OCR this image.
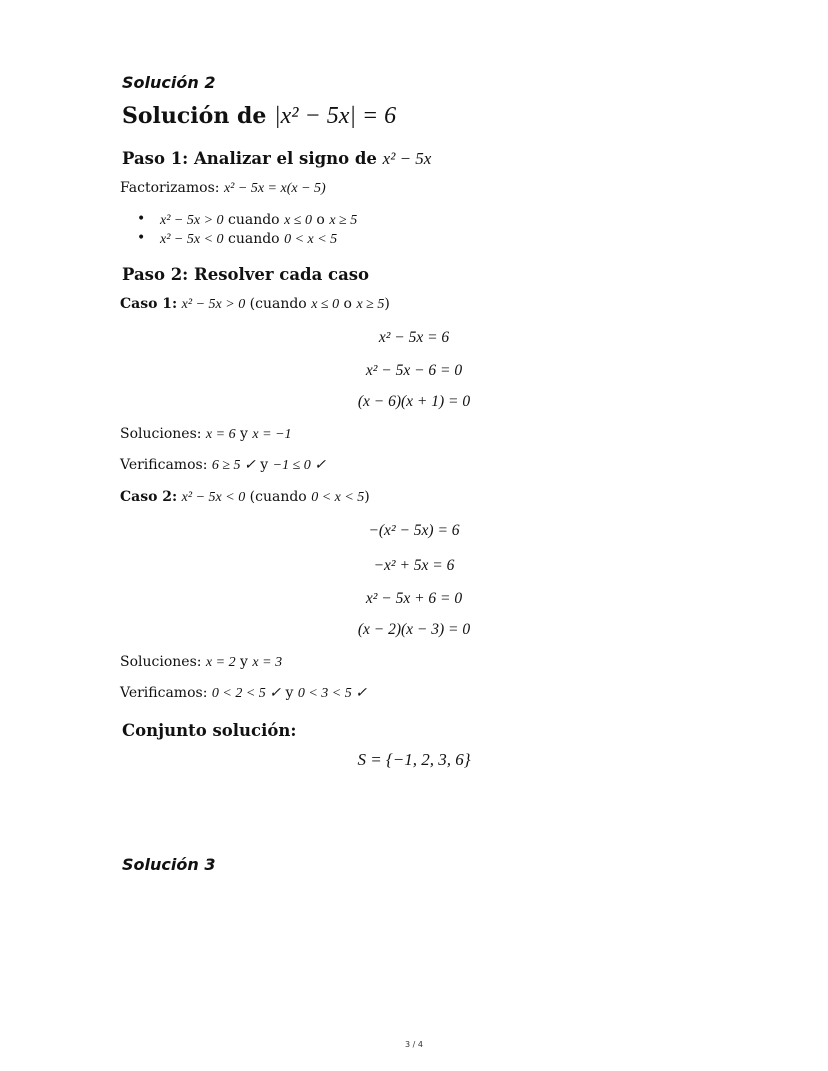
Solución 2
Solución de |x² − 5x| = 6
Paso 1: Analizar el signo de x² − 5x
Factorizamos: x² − 5x = x(x − 5)
• x² − 5x > 0 cuando x ≤ 0 o x ≥ 5
• x² − 5x < 0 cuando 0 < x < 5
Paso 2: Resolver cada caso
Caso 1: x² − 5x > 0 (cuando x ≤ 0 o x ≥ 5)
x² − 5x = 6
x² − 5x − 6 = 0
(x − 6)(x + 1) = 0
Soluciones: x = 6 y x = −1
Verificamos: 6 ≥ 5 ✓ y −1 ≤ 0 ✓
Caso 2: x² − 5x < 0 (cuando 0 < x < 5)
−(x² − 5x) = 6
−x² + 5x = 6
x² − 5x + 6 = 0
(x − 2)(x − 3) = 0
Soluciones: x = 2 y x = 3
Verificamos: 0 < 2 < 5 ✓ y 0 < 3 < 5 ✓
Conjunto solución:
S = {−1, 2, 3, 6}
Solución 3
3 / 4
